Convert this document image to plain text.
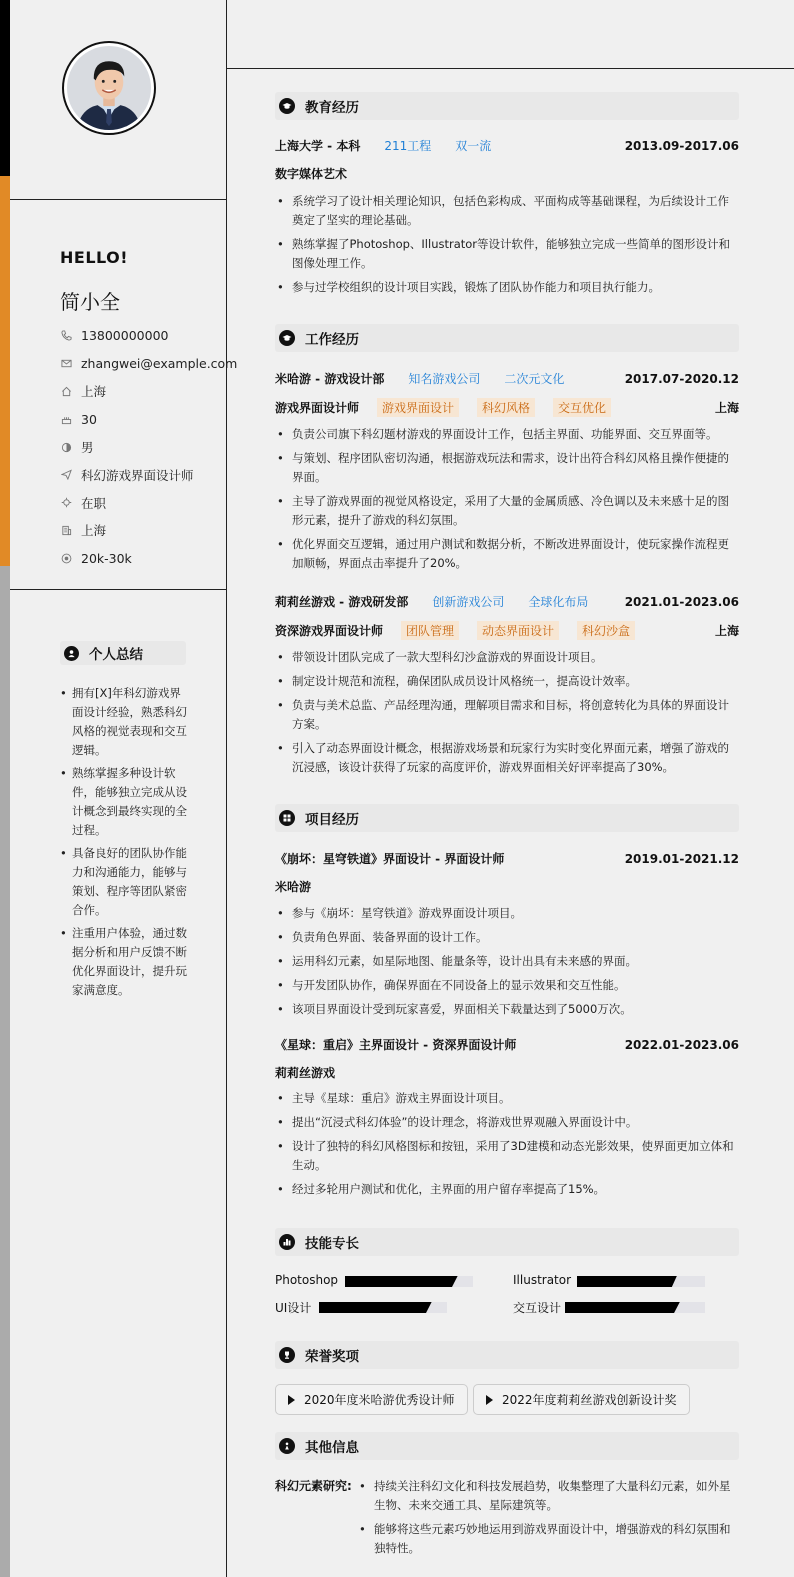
HELLO!
简小全
13800000000
zhangwei@example.com
上海
30
男
科幻游戏界面设计师
在职
上海
20k-30k
个人总结
• 拥有[X]年科幻游戏界面设计经验，熟悉科幻风格的视觉表现和交互逻辑。
• 熟练掌握多种设计软件，能够独立完成从设计概念到最终实现的全过程。
• 具备良好的团队协作能力和沟通能力，能够与策划、程序等团队紧密合作。
• 注重用户体验，通过数据分析和用户反馈不断优化界面设计，提升玩家满意度。
教育经历
上海大学 - 本科 211工程 双一流	2013.09-2017.06
数字媒体艺术
• 系统学习了设计相关理论知识，包括色彩构成、平面构成等基础课程，为后续设计工作奠定了坚实的理论基础。
• 熟练掌握了Photoshop、Illustrator等设计软件，能够独立完成一些简单的图形设计和图像处理工作。
• 参与过学校组织的设计项目实践，锻炼了团队协作能力和项目执行能力。
工作经历
米哈游 - 游戏设计部 知名游戏公司 二次元文化	2017.07-2020.12
游戏界面设计师	游戏界面设计	科幻风格	交互优化	上海
• 负责公司旗下科幻题材游戏的界面设计工作，包括主界面、功能界面、交互界面等。
• 与策划、程序团队密切沟通，根据游戏玩法和需求，设计出符合科幻风格且操作便捷的界面。
• 主导了游戏界面的视觉风格设定，采用了大量的金属质感、冷色调以及未来感十足的图形元素，提升了游戏的科幻氛围。
• 优化界面交互逻辑，通过用户测试和数据分析，不断改进界面设计，使玩家操作流程更加顺畅，界面点击率提升了20%。
莉莉丝游戏 - 游戏研发部 创新游戏公司 全球化布局	2021.01-2023.06
资深游戏界面设计师	团队管理	动态界面设计	科幻沙盒	上海
• 带领设计团队完成了一款大型科幻沙盒游戏的界面设计项目。
• 制定设计规范和流程，确保团队成员设计风格统一，提高设计效率。
• 负责与美术总监、产品经理沟通，理解项目需求和目标，将创意转化为具体的界面设计方案。
• 引入了动态界面设计概念，根据游戏场景和玩家行为实时变化界面元素，增强了游戏的沉浸感，该设计获得了玩家的高度评价，游戏界面相关好评率提高了30%。
项目经历
《崩坏：星穹铁道》界面设计 - 界面设计师	2019.01-2021.12
米哈游
• 参与《崩坏：星穹铁道》游戏界面设计项目。
• 负责角色界面、装备界面的设计工作。
• 运用科幻元素，如星际地图、能量条等，设计出具有未来感的界面。
• 与开发团队协作，确保界面在不同设备上的显示效果和交互性能。
• 该项目界面设计受到玩家喜爱，界面相关下载量达到了5000万次。
《星球：重启》主界面设计 - 资深界面设计师	2022.01-2023.06
莉莉丝游戏
• 主导《星球：重启》游戏主界面设计项目。
• 提出“沉浸式科幻体验”的设计理念，将游戏世界观融入界面设计中。
• 设计了独特的科幻风格图标和按钮，采用了3D建模和动态光影效果，使界面更加立体和生动。
• 经过多轮用户测试和优化，主界面的用户留存率提高了15%。
技能专长
Photoshop	Illustrator
UI设计	交互设计
荣誉奖项
2020年度米哈游优秀设计师	2022年度莉莉丝游戏创新设计奖
其他信息
科幻元素研究:
•	持续关注科幻文化和科技发展趋势，收集整理了大量科幻元素，如外星生物、未来交通工具、星际建筑等。
• 能够将这些元素巧妙地运用到游戏界面设计中，增强游戏的科幻氛围和独特性。
